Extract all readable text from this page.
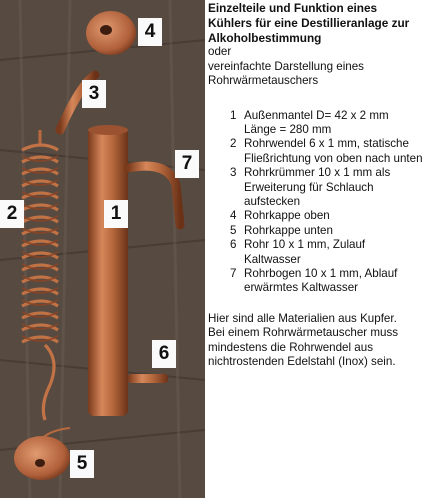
4
3
7
2	1
6
5
Einzelteile und Funktion eines Kühlers für eine Destillieranlage zur Alkoholbestimmung
oder
vereinfachte Darstellung eines Rohrwärmetauschers
1 Außenmantel D= 42 x 2 mm
Länge = 280 mm
2 Rohrwendel 6 x 1 mm, statische Fließrichtung von oben nach unten
3 Rohrkrümmer 10 x 1 mm als Erweiterung für Schlauch aufstecken
4 Rohrkappe oben
5 Rohrkappe unten
6 Rohr 10 x 1 mm, Zulauf Kaltwasser
7 Rohrbogen 10 x 1 mm, Ablauf erwärmtes Kaltwasser
Hier sind alle Materialien aus Kupfer.
Bei einem Rohrwärmetauscher muss mindestens die Rohrwendel aus nichtrostenden Edelstahl (Inox) sein.
